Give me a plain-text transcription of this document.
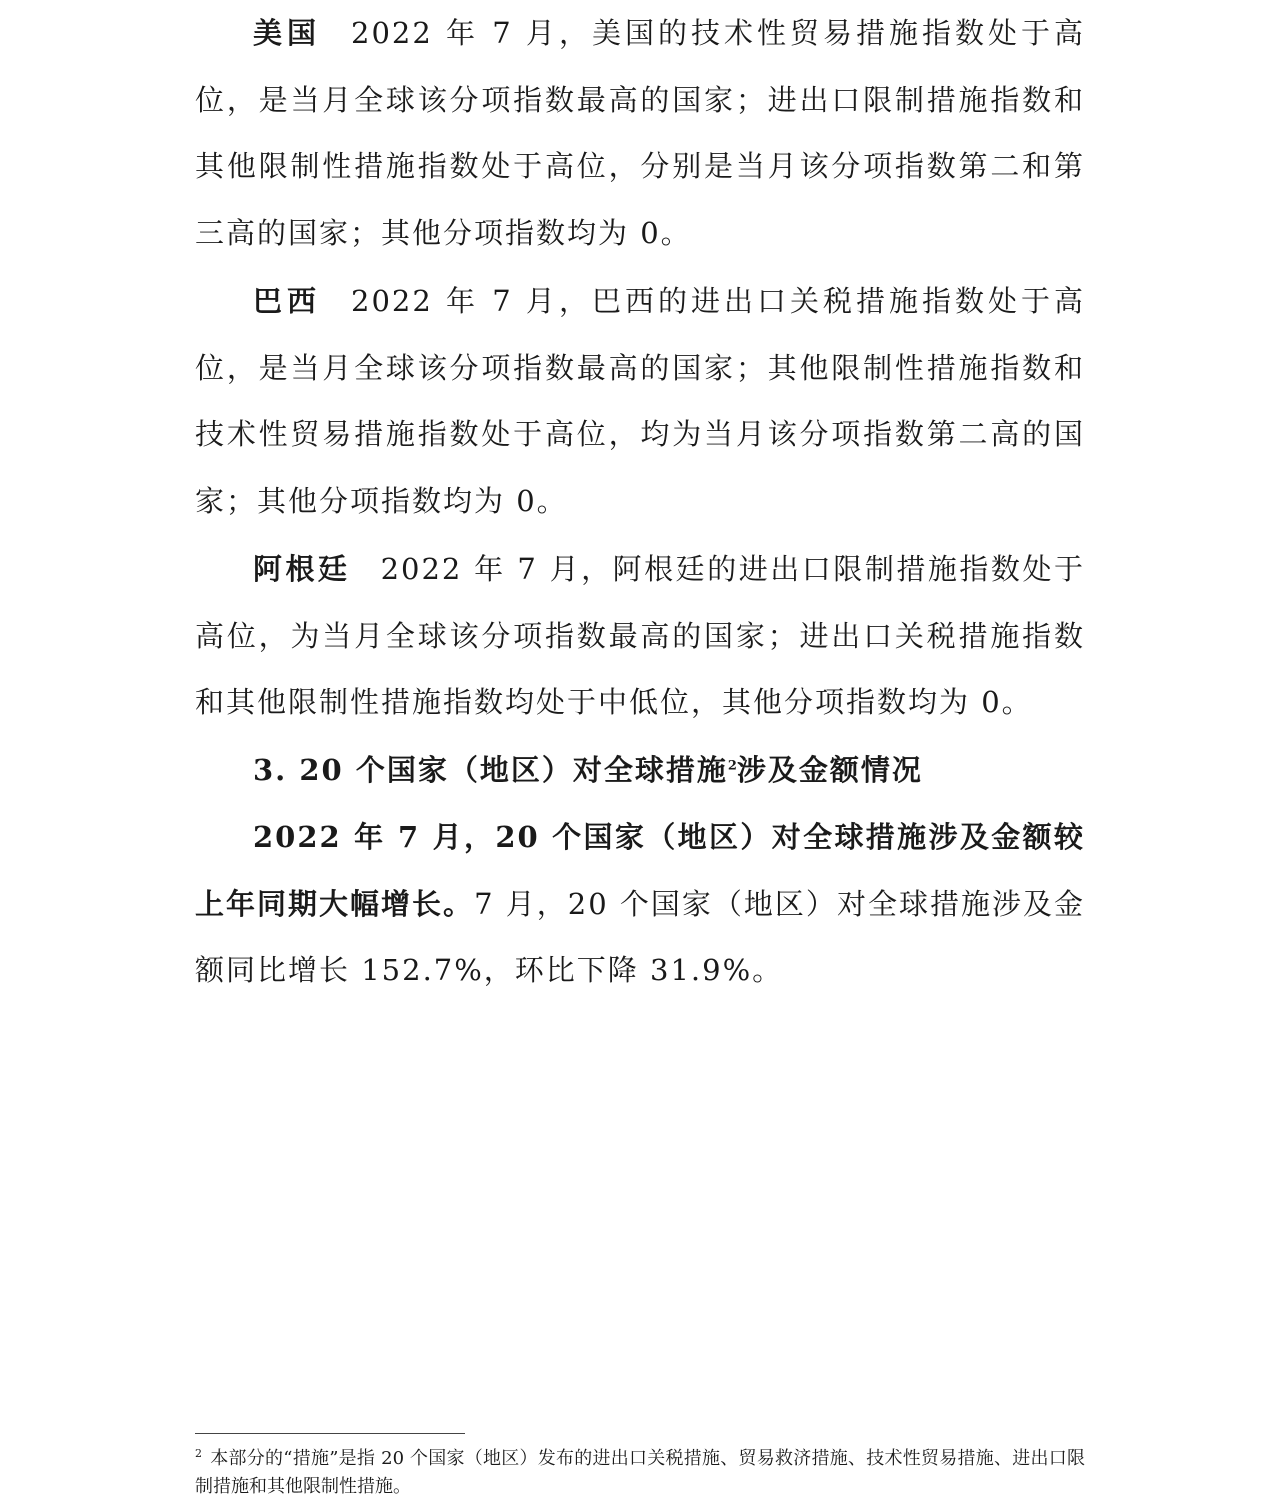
美国 2022 年 7 月，美国的技术性贸易措施指数处于高位，是当月全球该分项指数最高的国家；进出口限制措施指数和其他限制性措施指数处于高位，分别是当月该分项指数第二和第三高的国家；其他分项指数均为 0。

巴西 2022 年 7 月，巴西的进出口关税措施指数处于高位，是当月全球该分项指数最高的国家；其他限制性措施指数和技术性贸易措施指数处于高位，均为当月该分项指数第二高的国家；其他分项指数均为 0。

阿根廷 2022 年 7 月，阿根廷的进出口限制措施指数处于高位，为当月全球该分项指数最高的国家；进出口关税措施指数和其他限制性措施指数均处于中低位，其他分项指数均为 0。

3. 20 个国家（地区）对全球措施$^2$涉及金额情况

2022 年 7 月，20 个国家（地区）对全球措施涉及金额较上年同期大幅增长。7 月，20 个国家（地区）对全球措施涉及金额同比增长 152.7%，环比下降 31.9%。

$^2$ 本部分的“措施”是指 20 个国家（地区）发布的进出口关税措施、贸易救济措施、技术性贸易措施、进出口限制措施和其他限制性措施。
